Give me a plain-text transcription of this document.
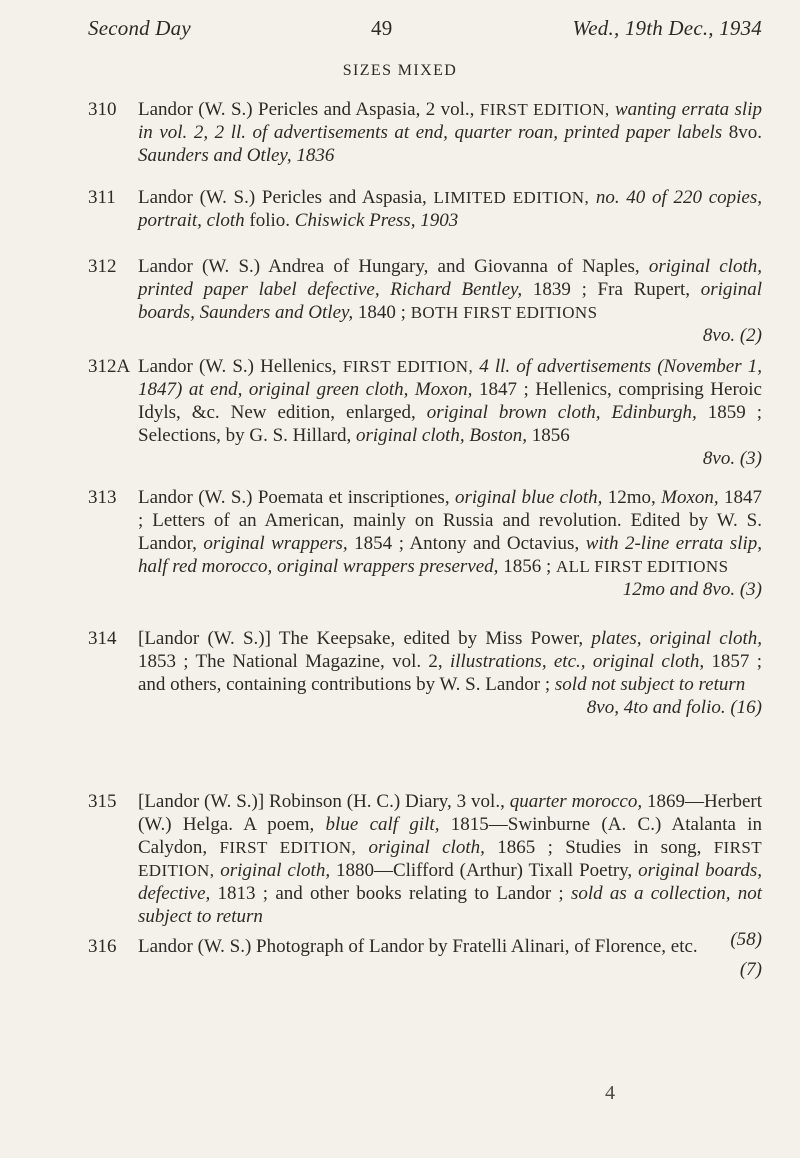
Second Day	49	Wed., 19th Dec., 1934
SIZES MIXED
310	Landor (W. S.) Pericles and Aspasia, 2 vol., FIRST EDITION, wanting errata slip in vol. 2, 2 ll. of advertisements at end, quarter roan, printed paper labels 8vo. Saunders and Otley, 1836
311	Landor (W. S.) Pericles and Aspasia, LIMITED EDITION, no. 40 of 220 copies, portrait, cloth folio. Chiswick Press, 1903
312	Landor (W. S.) Andrea of Hungary, and Giovanna of Naples, original cloth, printed paper label defective, Richard Bentley, 1839 ; Fra Rupert, original boards, Saunders and Otley, 1840 ; BOTH FIRST EDITIONS
8vo. (2)
312A Landor (W. S.) Hellenics, FIRST EDITION, 4 ll. of advertisements (November 1, 1847) at end, original green cloth, Moxon, 1847 ; Hellenics, comprising Heroic Idyls, &c. New edition, enlarged, original brown cloth, Edinburgh, 1859 ; Selections, by G. S. Hillard, original cloth, Boston, 1856
8vo. (3)
313	Landor (W. S.) Poemata et inscriptiones, original blue cloth, 12mo, Moxon, 1847 ; Letters of an American, mainly on Russia and revolution. Edited by W. S. Landor, original wrappers, 1854 ; Antony and Octavius, with 2-line errata slip, half red morocco, original wrappers preserved, 1856 ; ALL FIRST EDITIONS
12mo and 8vo. (3)
314	[Landor (W. S.)] The Keepsake, edited by Miss Power, plates, original cloth, 1853 ; The National Magazine, vol. 2, illustrations, etc., original cloth, 1857 ; and others, containing contributions by W. S. Landor ; sold not subject to return
8vo, 4to and folio. (16)
315	[Landor (W. S.)] Robinson (H. C.) Diary, 3 vol., quarter morocco, 1869—Herbert (W.) Helga. A poem, blue calf gilt, 1815—Swinburne (A. C.) Atalanta in Calydon, FIRST EDITION, original cloth, 1865 ; Studies in song, FIRST EDITION, original cloth, 1880—Clifford (Arthur) Tixall Poetry, original boards, defective, 1813 ; and other books relating to Landor ; sold as a collection, not subject to return
(58)
316	Landor (W. S.) Photograph of Landor by Fratelli Alinari, of Florence, etc.
(7)
4
